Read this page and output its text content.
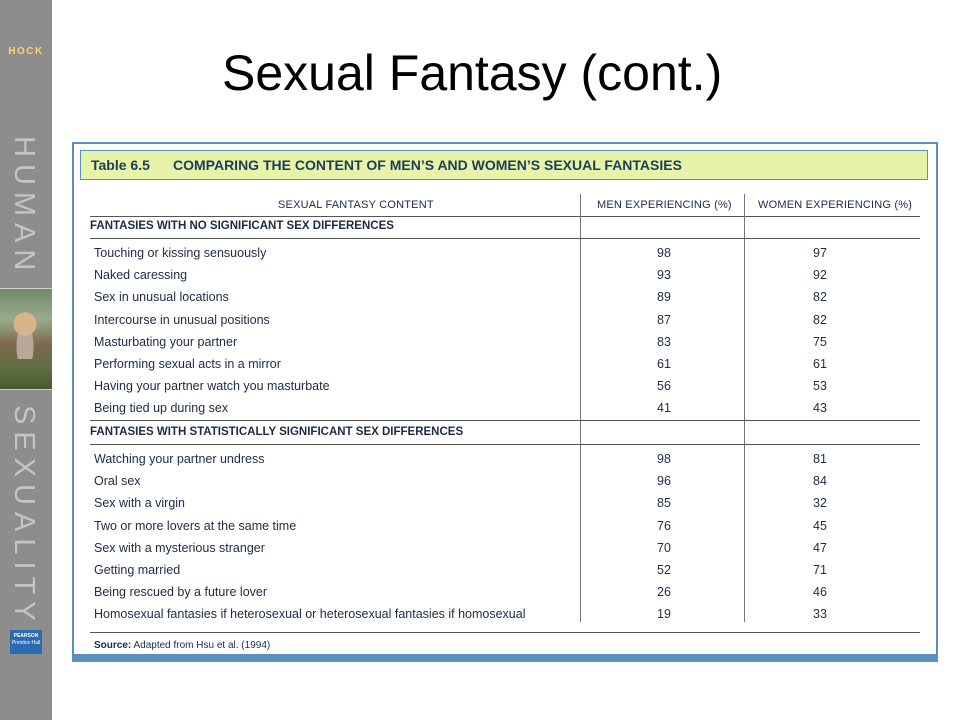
HOCK
HUMAN
SEXUALITY
PEARSON
Prentice Hall
Sexual Fantasy (cont.)
Table 6.5 COMPARING THE CONTENT OF MEN’S AND WOMEN’S SEXUAL FANTASIES
SEXUAL FANTASY CONTENT	MEN EXPERIENCING (%) WOMEN EXPERIENCING (%)
FANTASIES WITH NO SIGNIFICANT SEX DIFFERENCES
Touching or kissing sensuously	98	97
Naked caressing	93	92
Sex in unusual locations	89	82
Intercourse in unusual positions	87	82
Masturbating your partner	83	75
Performing sexual acts in a mirror	61	61
Having your partner watch you masturbate	56	53
Being tied up during sex	41	43
FANTASIES WITH STATISTICALLY SIGNIFICANT SEX DIFFERENCES
Watching your partner undress	98	81
Oral sex	96	84
Sex with a virgin	85	32
Two or more lovers at the same time	76	45
Sex with a mysterious stranger	70	47
Getting married	52	71
Being rescued by a future lover	26	46
Homosexual fantasies if heterosexual or heterosexual fantasies if homosexual	19	33
Source: Adapted from Hsu et al. (1994)
